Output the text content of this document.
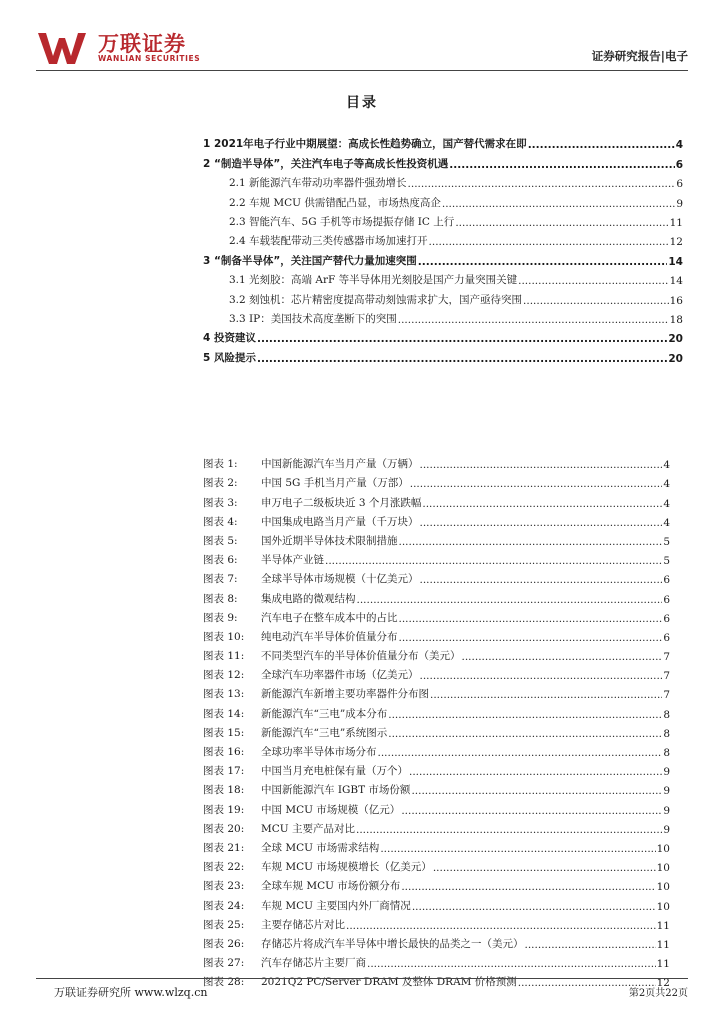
万联证券
WANLIAN SECURITIES	证券研究报告|电子
目录
1 2021年电子行业中期展望：高成长性趋势确立，国产替代需求在即 .....	4
2 “制造半导体”，关注汽车电子等高成长性投资机遇 .....	6
2.1 新能源汽车带动功率器件强劲增长 .....	6
2.2 车规 MCU 供需错配凸显，市场热度高企 .....	9
2.3 智能汽车、5G 手机等市场提振存储 IC 上行 .....	11
2.4 车载装配带动三类传感器市场加速打开 .....	12
3 “制备半导体”，关注国产替代力量加速突围 .....	14
3.1 光刻胶：高端 ArF 等半导体用光刻胶是国产力量突围关键 .....	14
3.2 刻蚀机：芯片精密度提高带动刻蚀需求扩大，国产亟待突围 .....	16
3.3 IP：美国技术高度垄断下的突围 .....	18
4 投资建议 .....	20
5 风险提示 .....	20
图表 1:	中国新能源汽车当月产量（万辆） .....	4
图表 2:	中国 5G 手机当月产量（万部） .....	4
图表 3:	申万电子二级板块近 3 个月涨跌幅 .....	4
图表 4:	中国集成电路当月产量（千万块） .....	4
图表 5:	国外近期半导体技术限制措施 .....	5
图表 6:	半导体产业链 .....	5
图表 7:	全球半导体市场规模（十亿美元） .....	6
图表 8:	集成电路的微观结构 .....	6
图表 9:	汽车电子在整车成本中的占比 .....	6
图表 10:	纯电动汽车半导体价值量分布 .....	6
图表 11:	不同类型汽车的半导体价值量分布（美元） .....	7
图表 12:	全球汽车功率器件市场（亿美元） .....	7
图表 13:	新能源汽车新增主要功率器件分布图 .....	7
图表 14:	新能源汽车“三电”成本分布 .....	8
图表 15:	新能源汽车“三电”系统图示 .....	8
图表 16:	全球功率半导体市场分布 .....	8
图表 17:	中国当月充电桩保有量（万个） .....	9
图表 18:	中国新能源汽车 IGBT 市场份额 .....	9
图表 19:	中国 MCU 市场规模（亿元） .....	9
图表 20:	MCU 主要产品对比 .....	9
图表 21:	全球 MCU 市场需求结构 .....	10
图表 22:	车规 MCU 市场规模增长（亿美元） .....	10
图表 23:	全球车规 MCU 市场份额分布 .....	10
图表 24:	车规 MCU 主要国内外厂商情况 .....	10
图表 25:	主要存储芯片对比 .....	11
图表 26:	存储芯片将成汽车半导体中增长最快的品类之一（美元） .....	11
图表 27:	汽车存储芯片主要厂商 .....	11
图表 28:	2021Q2 PC/Server DRAM 及整体 DRAM 价格预测 .....	12
万联证券研究所 www.wlzq.cn	第2页共22页
